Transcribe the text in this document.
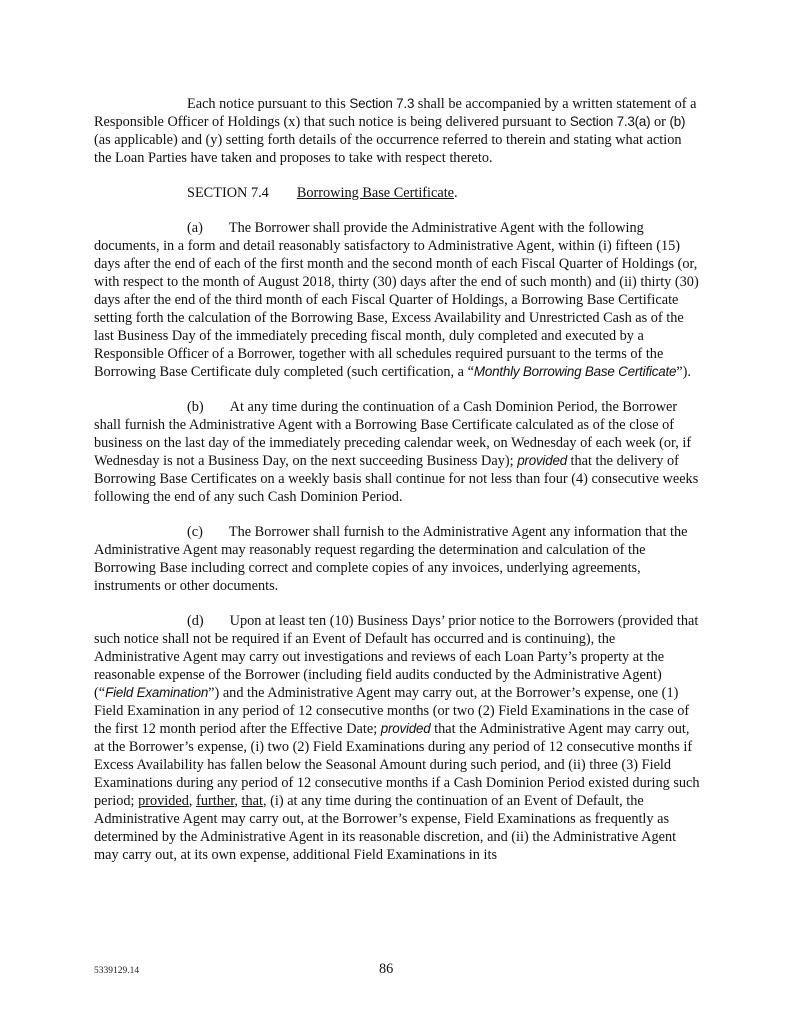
Each notice pursuant to this Section 7.3 shall be accompanied by a written statement of a Responsible Officer of Holdings (x) that such notice is being delivered pursuant to Section 7.3(a) or (b) (as applicable) and (y) setting forth details of the occurrence referred to therein and stating what action the Loan Parties have taken and proposes to take with respect thereto.

SECTION 7.4 Borrowing Base Certificate.

(a) The Borrower shall provide the Administrative Agent with the following documents, in a form and detail reasonably satisfactory to Administrative Agent, within (i) fifteen (15) days after the end of each of the first month and the second month of each Fiscal Quarter of Holdings (or, with respect to the month of August 2018, thirty (30) days after the end of such month) and (ii) thirty (30) days after the end of the third month of each Fiscal Quarter of Holdings, a Borrowing Base Certificate setting forth the calculation of the Borrowing Base, Excess Availability and Unrestricted Cash as of the last Business Day of the immediately preceding fiscal month, duly completed and executed by a Responsible Officer of a Borrower, together with all schedules required pursuant to the terms of the Borrowing Base Certificate duly completed (such certification, a “Monthly Borrowing Base Certificate”).

(b) At any time during the continuation of a Cash Dominion Period, the Borrower shall furnish the Administrative Agent with a Borrowing Base Certificate calculated as of the close of business on the last day of the immediately preceding calendar week, on Wednesday of each week (or, if Wednesday is not a Business Day, on the next succeeding Business Day); provided that the delivery of Borrowing Base Certificates on a weekly basis shall continue for not less than four (4) consecutive weeks following the end of any such Cash Dominion Period.

(c) The Borrower shall furnish to the Administrative Agent any information that the Administrative Agent may reasonably request regarding the determination and calculation of the Borrowing Base including correct and complete copies of any invoices, underlying agreements, instruments or other documents.

(d) Upon at least ten (10) Business Days’ prior notice to the Borrowers (provided that such notice shall not be required if an Event of Default has occurred and is continuing), the Administrative Agent may carry out investigations and reviews of each Loan Party’s property at the reasonable expense of the Borrower (including field audits conducted by the Administrative Agent) (“Field Examination”) and the Administrative Agent may carry out, at the Borrower’s expense, one (1) Field Examination in any period of 12 consecutive months (or two (2) Field Examinations in the case of the first 12 month period after the Effective Date; provided that the Administrative Agent may carry out, at the Borrower’s expense, (i) two (2) Field Examinations during any period of 12 consecutive months if Excess Availability has fallen below the Seasonal Amount during such period, and (ii) three (3) Field Examinations during any period of 12 consecutive months if a Cash Dominion Period existed during such period; provided, further, that, (i) at any time during the continuation of an Event of Default, the Administrative Agent may carry out, at the Borrower’s expense, Field Examinations as frequently as determined by the Administrative Agent in its reasonable discretion, and (ii) the Administrative Agent may carry out, at its own expense, additional Field Examinations in its

5339129.14	86
